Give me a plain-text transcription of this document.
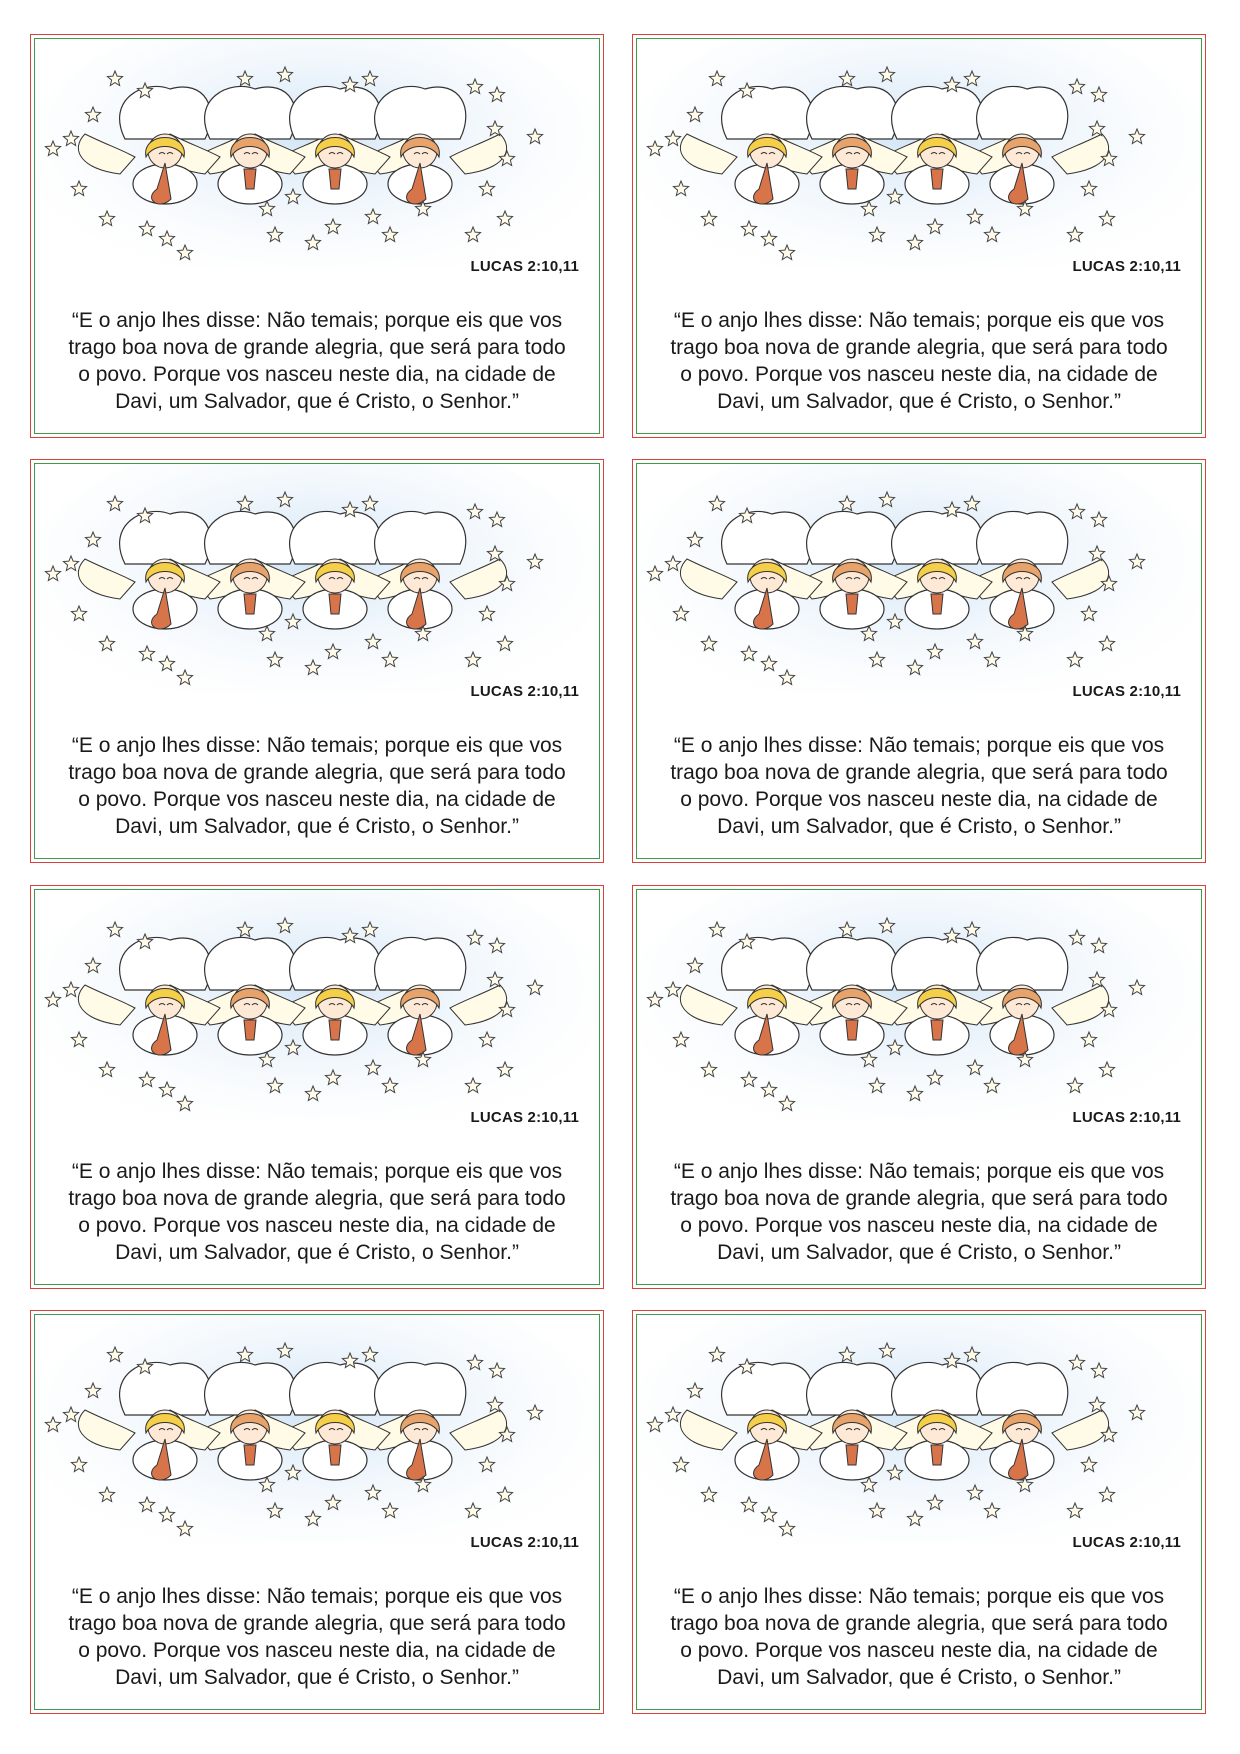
LUCAS 2:10,11
“E o anjo lhes disse: Não temais; porque eis que vos
trago boa nova de grande alegria, que será para todo
o povo. Porque vos nasceu neste dia, na cidade de
Davi, um Salvador, que é Cristo, o Senhor.”
LUCAS 2:10,11
“E o anjo lhes disse: Não temais; porque eis que vos
trago boa nova de grande alegria, que será para todo
o povo. Porque vos nasceu neste dia, na cidade de
Davi, um Salvador, que é Cristo, o Senhor.”
LUCAS 2:10,11
“E o anjo lhes disse: Não temais; porque eis que vos
trago boa nova de grande alegria, que será para todo
o povo. Porque vos nasceu neste dia, na cidade de
Davi, um Salvador, que é Cristo, o Senhor.”
LUCAS 2:10,11
“E o anjo lhes disse: Não temais; porque eis que vos
trago boa nova de grande alegria, que será para todo
o povo. Porque vos nasceu neste dia, na cidade de
Davi, um Salvador, que é Cristo, o Senhor.”
LUCAS 2:10,11
“E o anjo lhes disse: Não temais; porque eis que vos
trago boa nova de grande alegria, que será para todo
o povo. Porque vos nasceu neste dia, na cidade de
Davi, um Salvador, que é Cristo, o Senhor.”
LUCAS 2:10,11
“E o anjo lhes disse: Não temais; porque eis que vos
trago boa nova de grande alegria, que será para todo
o povo. Porque vos nasceu neste dia, na cidade de
Davi, um Salvador, que é Cristo, o Senhor.”
LUCAS 2:10,11
“E o anjo lhes disse: Não temais; porque eis que vos
trago boa nova de grande alegria, que será para todo
o povo. Porque vos nasceu neste dia, na cidade de
Davi, um Salvador, que é Cristo, o Senhor.”
LUCAS 2:10,11
“E o anjo lhes disse: Não temais; porque eis que vos
trago boa nova de grande alegria, que será para todo
o povo. Porque vos nasceu neste dia, na cidade de
Davi, um Salvador, que é Cristo, o Senhor.”
